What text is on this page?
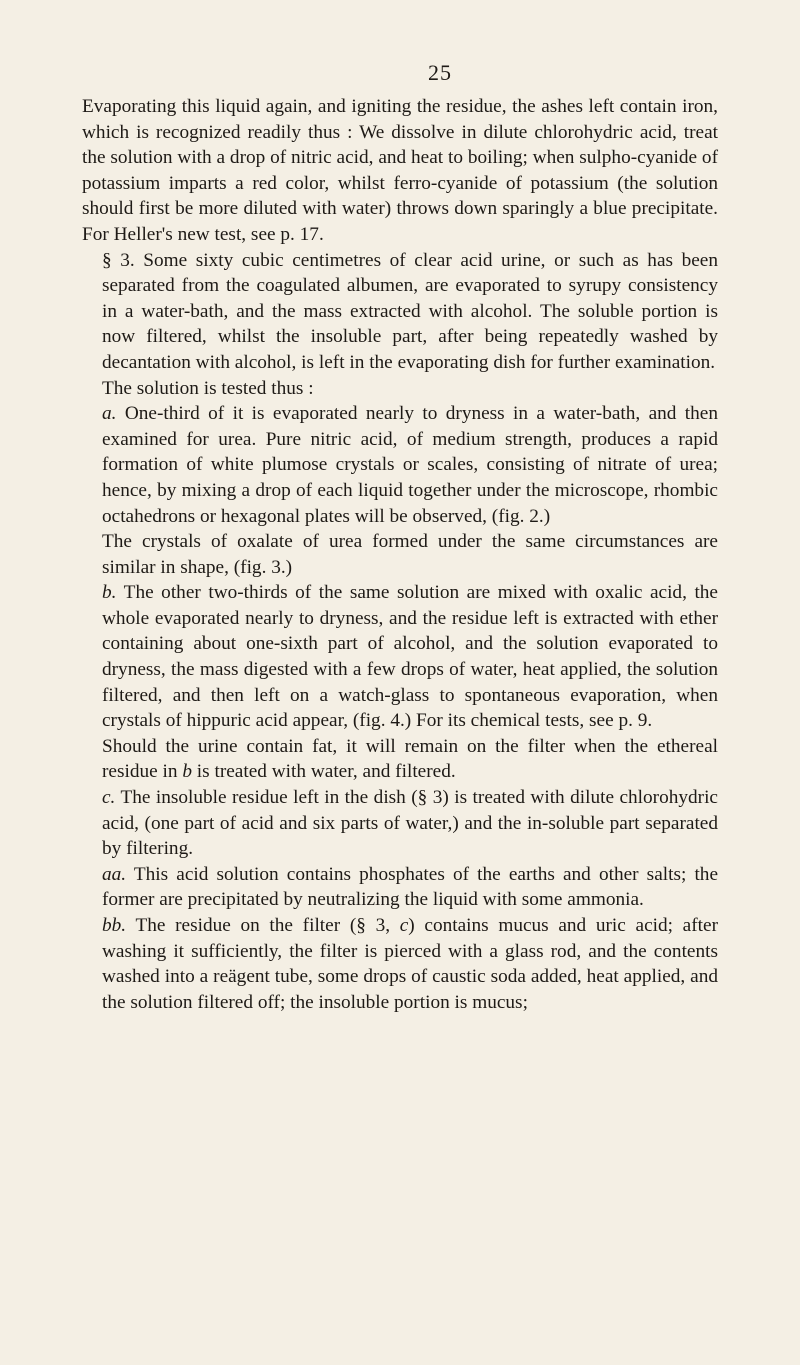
25

Evaporating this liquid again, and igniting the residue, the ashes left contain iron, which is recognized readily thus : We dissolve in dilute chlorohydric acid, treat the solution with a drop of nitric acid, and heat to boiling; when sulpho-cyanide of potassium imparts a red color, whilst ferro-cyanide of potassium (the solution should first be more diluted with water) throws down sparingly a blue precipitate. For Heller's new test, see p. 17.

§ 3. Some sixty cubic centimetres of clear acid urine, or such as has been separated from the coagulated albumen, are evaporated to syrupy consistency in a water-bath, and the mass extracted with alcohol. The soluble portion is now filtered, whilst the insoluble part, after being repeatedly washed by decantation with alcohol, is left in the evaporating dish for further examination.

The solution is tested thus :

a. One-third of it is evaporated nearly to dryness in a water-bath, and then examined for urea. Pure nitric acid, of medium strength, produces a rapid formation of white plumose crystals or scales, consisting of nitrate of urea; hence, by mixing a drop of each liquid together under the microscope, rhombic octahedrons or hexagonal plates will be observed, (fig. 2.)

The crystals of oxalate of urea formed under the same circumstances are similar in shape, (fig. 3.)

b. The other two-thirds of the same solution are mixed with oxalic acid, the whole evaporated nearly to dryness, and the residue left is extracted with ether containing about one-sixth part of alcohol, and the solution evaporated to dryness, the mass digested with a few drops of water, heat applied, the solution filtered, and then left on a watch-glass to spontaneous evaporation, when crystals of hippuric acid appear, (fig. 4.) For its chemical tests, see p. 9.

Should the urine contain fat, it will remain on the filter when the ethereal residue in b is treated with water, and filtered.

c. The insoluble residue left in the dish (§ 3) is treated with dilute chlorohydric acid, (one part of acid and six parts of water,) and the in-soluble part separated by filtering.

aa. This acid solution contains phosphates of the earths and other salts; the former are precipitated by neutralizing the liquid with some ammonia.

bb. The residue on the filter (§ 3, c) contains mucus and uric acid; after washing it sufficiently, the filter is pierced with a glass rod, and the contents washed into a reägent tube, some drops of caustic soda added, heat applied, and the solution filtered off; the insoluble portion is mucus;
